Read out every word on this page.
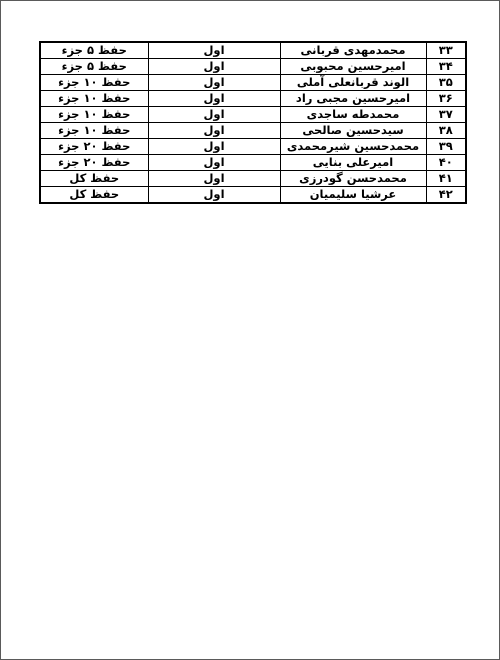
حفظ ۵ جزء	اول	محمدمهدی قربانی	۳۳
حفظ ۵ جزء	اول	امیرحسین محبوبی	۳۴
حفظ ۱۰ جزء	اول	الوند قربانعلی آملی	۳۵
حفظ ۱۰ جزء	اول	امیرحسین مجبی راد	۳۶
حفظ ۱۰ جزء	اول	محمدطه ساجدی	۳۷
حفظ ۱۰ جزء	اول	سیدحسین صالحی	۳۸
حفظ ۲۰ جزء	اول	محمدحسین شیرمحمدی	۳۹
حفظ ۲۰ جزء	اول	امیرعلی بنایی	۴۰
حفظ کل	اول	محمدحسن گودرزی	۴۱
حفظ کل	اول	عرشیا سلیمیان	۴۲
